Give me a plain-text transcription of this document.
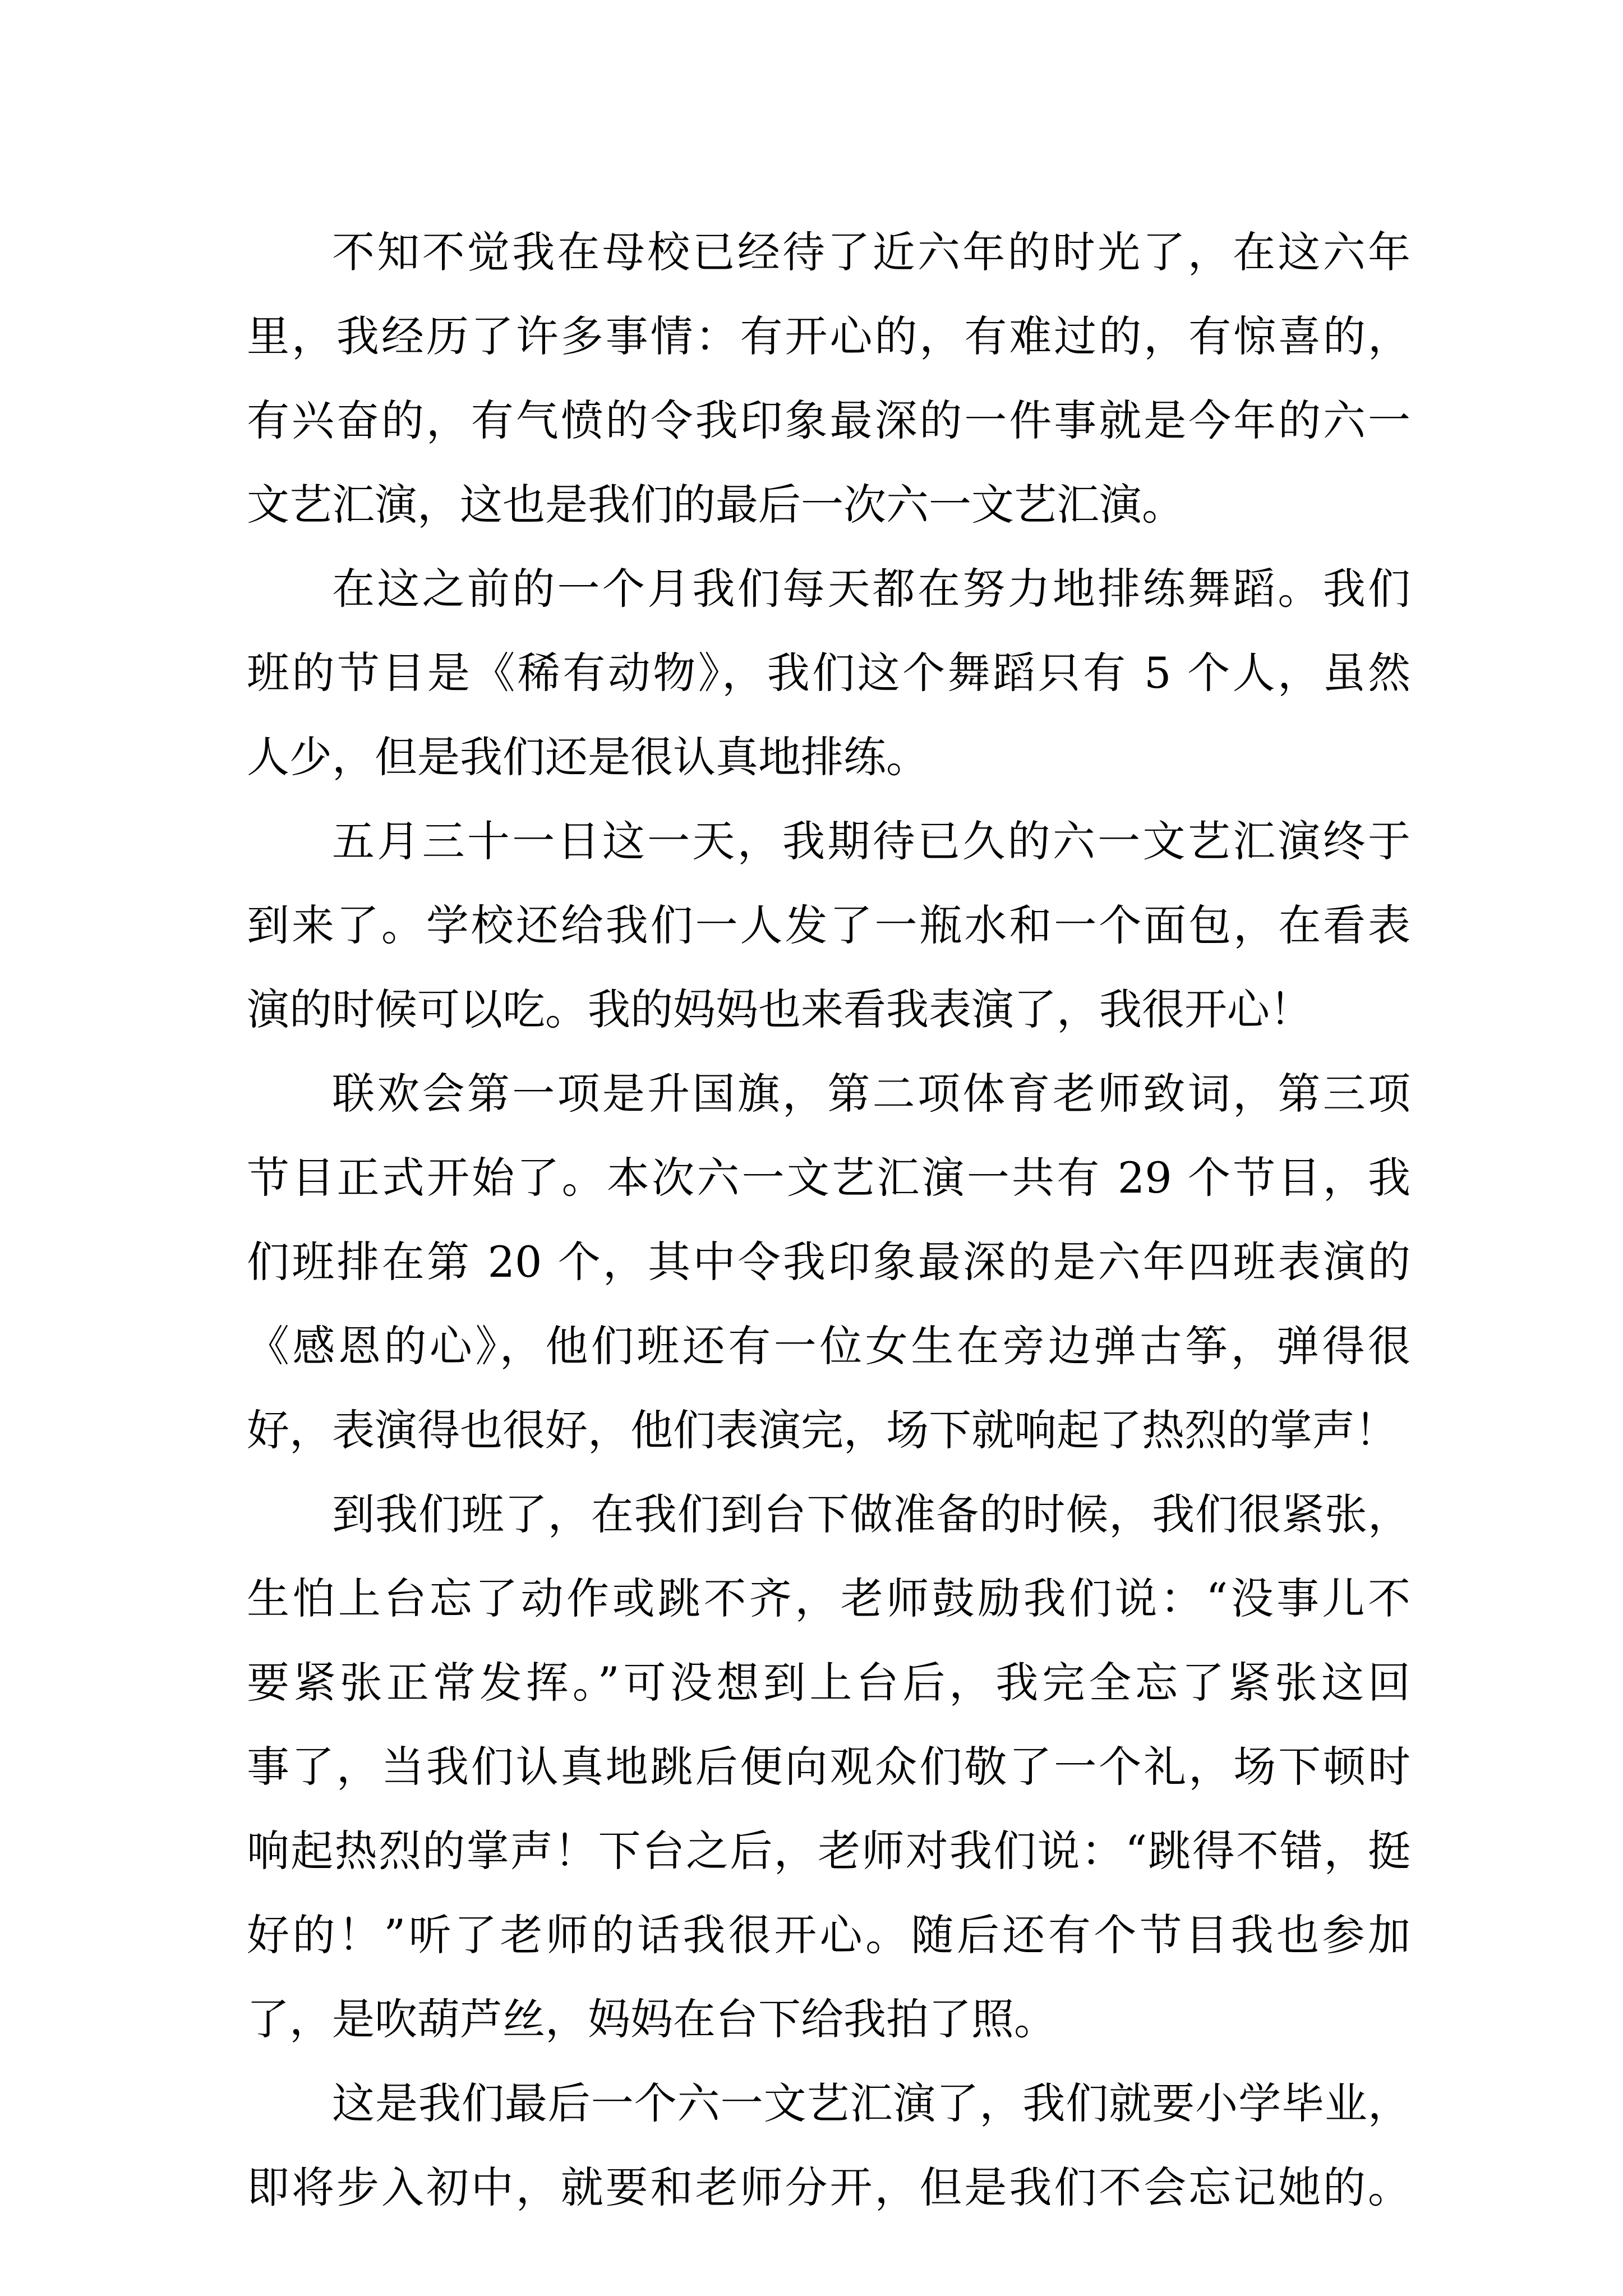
不知不觉我在母校已经待了近六年的时光了，在这六年
里，我经历了许多事情：有开心的，有难过的，有惊喜的，
有兴奋的，有气愤的令我印象最深的一件事就是今年的六一
文艺汇演，这也是我们的最后一次六一文艺汇演。
在这之前的一个月我们每天都在努力地排练舞蹈。我们
班的节目是《稀有动物》，我们这个舞蹈只有 5 个人，虽然
人少，但是我们还是很认真地排练。
五月三十一日这一天，我期待已久的六一文艺汇演终于
到来了。学校还给我们一人发了一瓶水和一个面包，在看表
演的时候可以吃。我的妈妈也来看我表演了，我很开心！
联欢会第一项是升国旗，第二项体育老师致词，第三项
节目正式开始了。本次六一文艺汇演一共有 29 个节目，我
们班排在第 20 个，其中令我印象最深的是六年四班表演的
《感恩的心》，他们班还有一位女生在旁边弹古筝，弹得很
好，表演得也很好，他们表演完，场下就响起了热烈的掌声！
到我们班了，在我们到台下做准备的时候，我们很紧张，
生怕上台忘了动作或跳不齐，老师鼓励我们说：“没事儿不
要紧张正常发挥。”可没想到上台后，我完全忘了紧张这回
事了，当我们认真地跳后便向观众们敬了一个礼，场下顿时
响起热烈的掌声！下台之后，老师对我们说：“跳得不错，挺
好的！”听了老师的话我很开心。随后还有个节目我也参加
了，是吹葫芦丝，妈妈在台下给我拍了照。
这是我们最后一个六一文艺汇演了，我们就要小学毕业，
即将步入初中，就要和老师分开，但是我们不会忘记她的。
